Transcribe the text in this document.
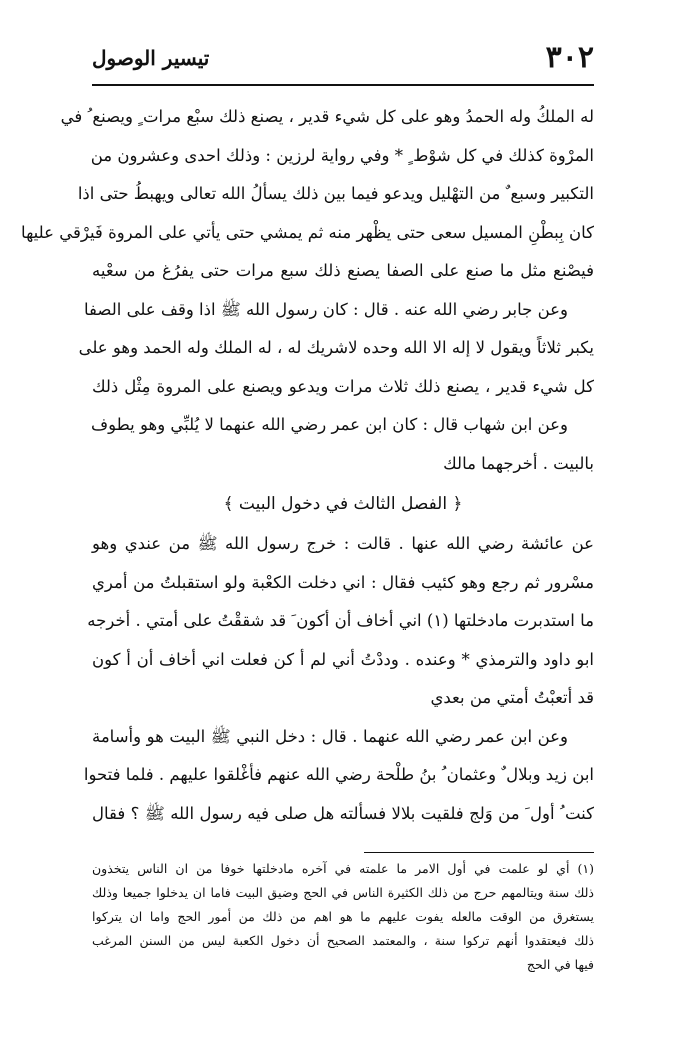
٣٠٢
تيسير الوصول
له الملكُ وله الحمدُ وهو على كل شيء قدير ، يصنع ذلك سبْع مرات ٍ ويصنع ُ في
المرْوة كذلك في كل شوْط ٍ * وفي رواية لرزين : وذلك احدى وعشرون من
التكبير وسبع ٌ من التهْليل ويدعو فيما بين ذلك يسألُ الله تعالى ويهبطُ حتى اذا
كان بِبطْنِ المسيل سعى حتى يظْهر منه ثم يمشي حتى يأتي على المروة فَيرْقي عليها
فيصْنع مثل ما صنع على الصفا يصنع ذلك سبع مرات حتى يفرُغ من سعْيه
وعن جابر رضي الله عنه . قال : كان رسول الله ﷺ اذا وقف على الصفا
يكبر ثلاثاً ويقول لا إله الا الله وحده لاشريك له ، له الملك وله الحمد وهو على
كل شيء قدير ، يصنع ذلك ثلاث مرات ويدعو ويصنع على المروة مِثْل ذلك
وعن ابن شهاب قال : كان ابن عمر رضي الله عنهما لا يُلبِّي وهو يطوف
بالبيت . أخرجهما مالك
﴿ الفصل الثالث في دخول البيت ﴾
عن عائشة رضي الله عنها . قالت : خرج رسول الله ﷺ من عندي وهو
مسْرور ثم رجع وهو كئيب فقال : اني دخلت الكعْبة ولو استقبلتُ من أمري
ما استدبرت مادخلتها (١) اني أخاف أن أكون َ قد شققْتُ على أمتي . أخرجه
ابو داود والترمذي * وعنده . وددْتُ أني لم أ كن فعلت اني أخاف أن أ كون
قد أتعبْتُ أمتي من بعدي
وعن ابن عمر رضي الله عنهما . قال : دخل النبي ﷺ البيت هو وأسامة
ابن زيد وبلال ٌ وعثمان ُ بنُ طلْحة رضي الله عنهم فأغْلقوا عليهم . فلما فتحوا
كنت ُ أول َ من وَلج فلقيت بلالا فسألته هل صلى فيه رسول الله ﷺ ؟ فقال
(١) أي لو علمت في أول الامر ما علمته في آخره مادخلتها خوفا من ان الناس يتخذون
ذلك سنة ويتالمهم حرج من ذلك الكثيرة الناس في الحج وضيق البيت فاما ان يدخلوا جميعا وذلك
يستغرق من الوقت مالعله يفوت عليهم ما هو اهم من ذلك من أمور الحج واما ان يتركوا
ذلك فيعتقدوا أنهم تركوا سنة ، والمعتمد الصحيح أن دخول الكعبة ليس من السنن المرغب
فيها في الحج
